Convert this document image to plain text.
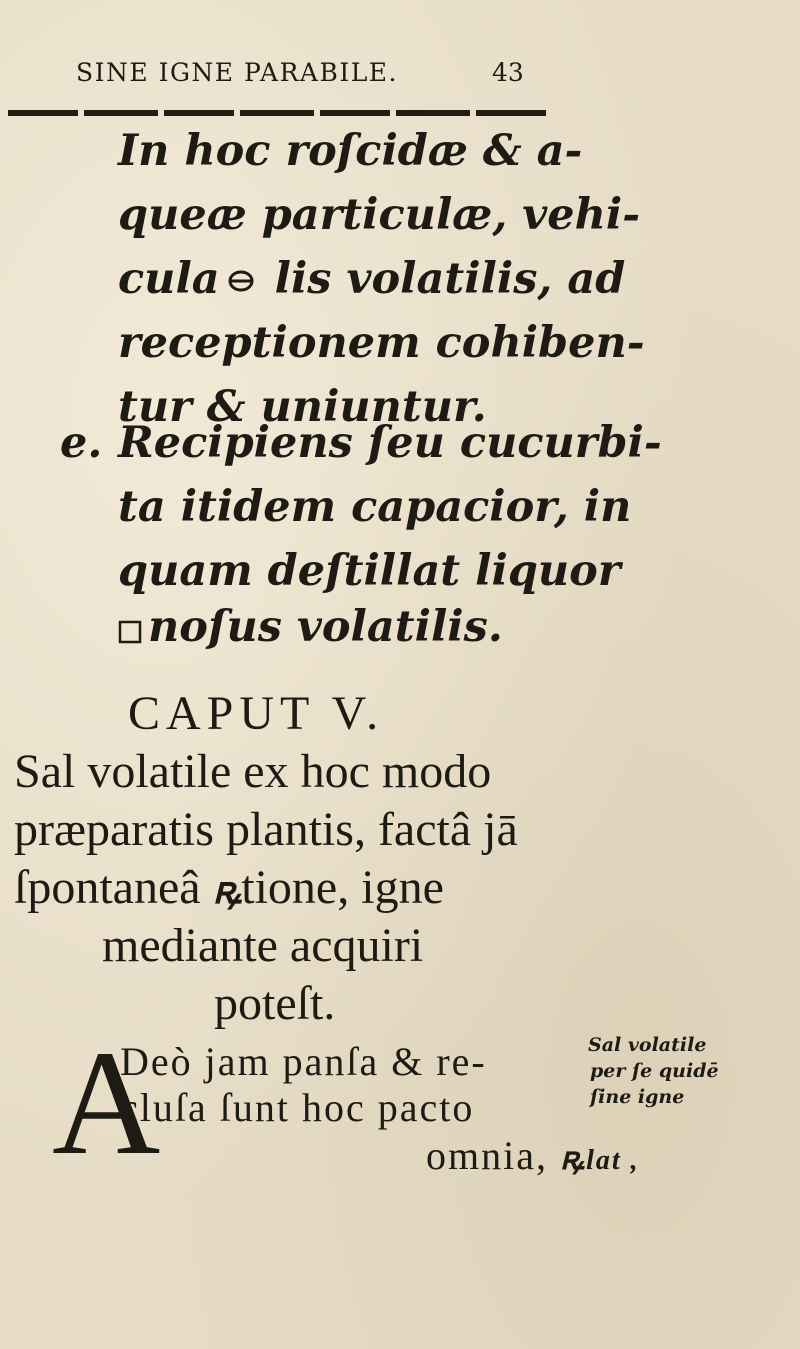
SINE IGNE PARABILE.	43
In hoc roſcidæ & a-
queæ particulæ, vehi-
cula
lis volatilis, ad
receptionem cohiben-
tur & uniuntur.
e. Recipiens ſeu cucurbi-
ta itidem capacior, in
quam deſtillat liquor
noſus volatilis.
CAPUT V.
Sal volatile ex hoc modo
præparatis plantis, factâ jā
ſpontaneâ ꝶtione, igne
mediante acquiri
poteſt.
A
Deò jam panſa & re-
cluſa ſunt hoc pacto
omnia, ꝶlat ,
Sal volatile
per ſe quidē
ſine igne
